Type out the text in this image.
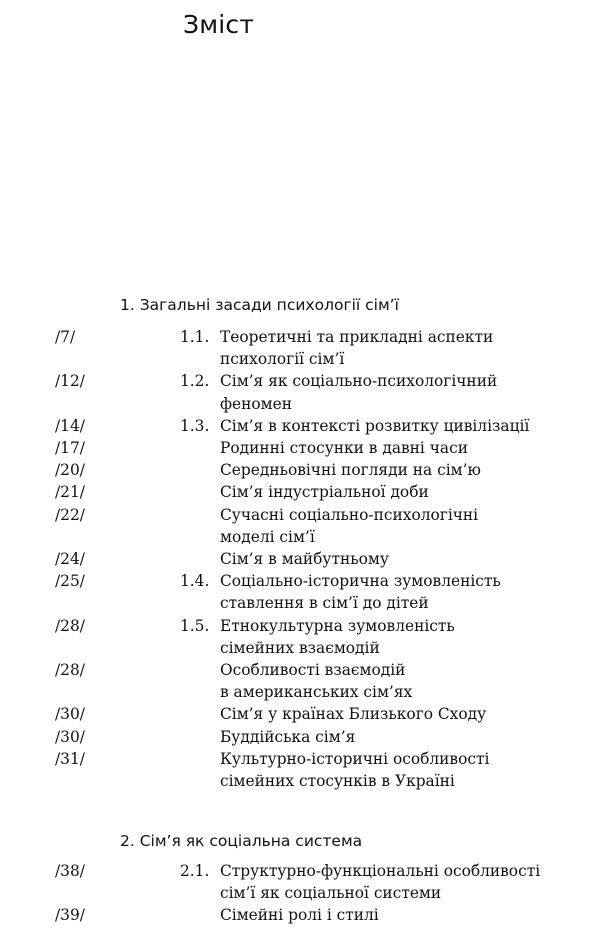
Зміст
1. Загальні засади психології сім’ї
/7/	1.1. Теоретичні та прикладні аспекти
психології сім’ї
/12/	1.2. Сім’я як соціально-психологічний
феномен
/14/	1.3. Сім’я в контексті розвитку цивілізації
/17/	Родинні стосунки в давні часи
/20/	Середньовічні погляди на сім’ю
/21/	Сім’я індустріальної доби
/22/	Сучасні соціально-психологічні
моделі сім’ї
/24/	Сім’я в майбутньому
/25/	1.4. Соціально-історична зумовленість
ставлення в сім’ї до дітей
/28/	1.5. Етнокультурна зумовленість
сімейних взаємодій
/28/	Особливості взаємодій
в американських сім’ях
/30/	Сім’я у країнах Близького Сходу
/30/	Буддійська сім’я
/31/	Культурно-історичні особливості
сімейних стосунків в Україні
2. Сім’я як соціальна система
/38/	2.1. Структурно-функціональні особливості
сім’ї як соціальної системи
/39/	Сімейні ролі і стилі
